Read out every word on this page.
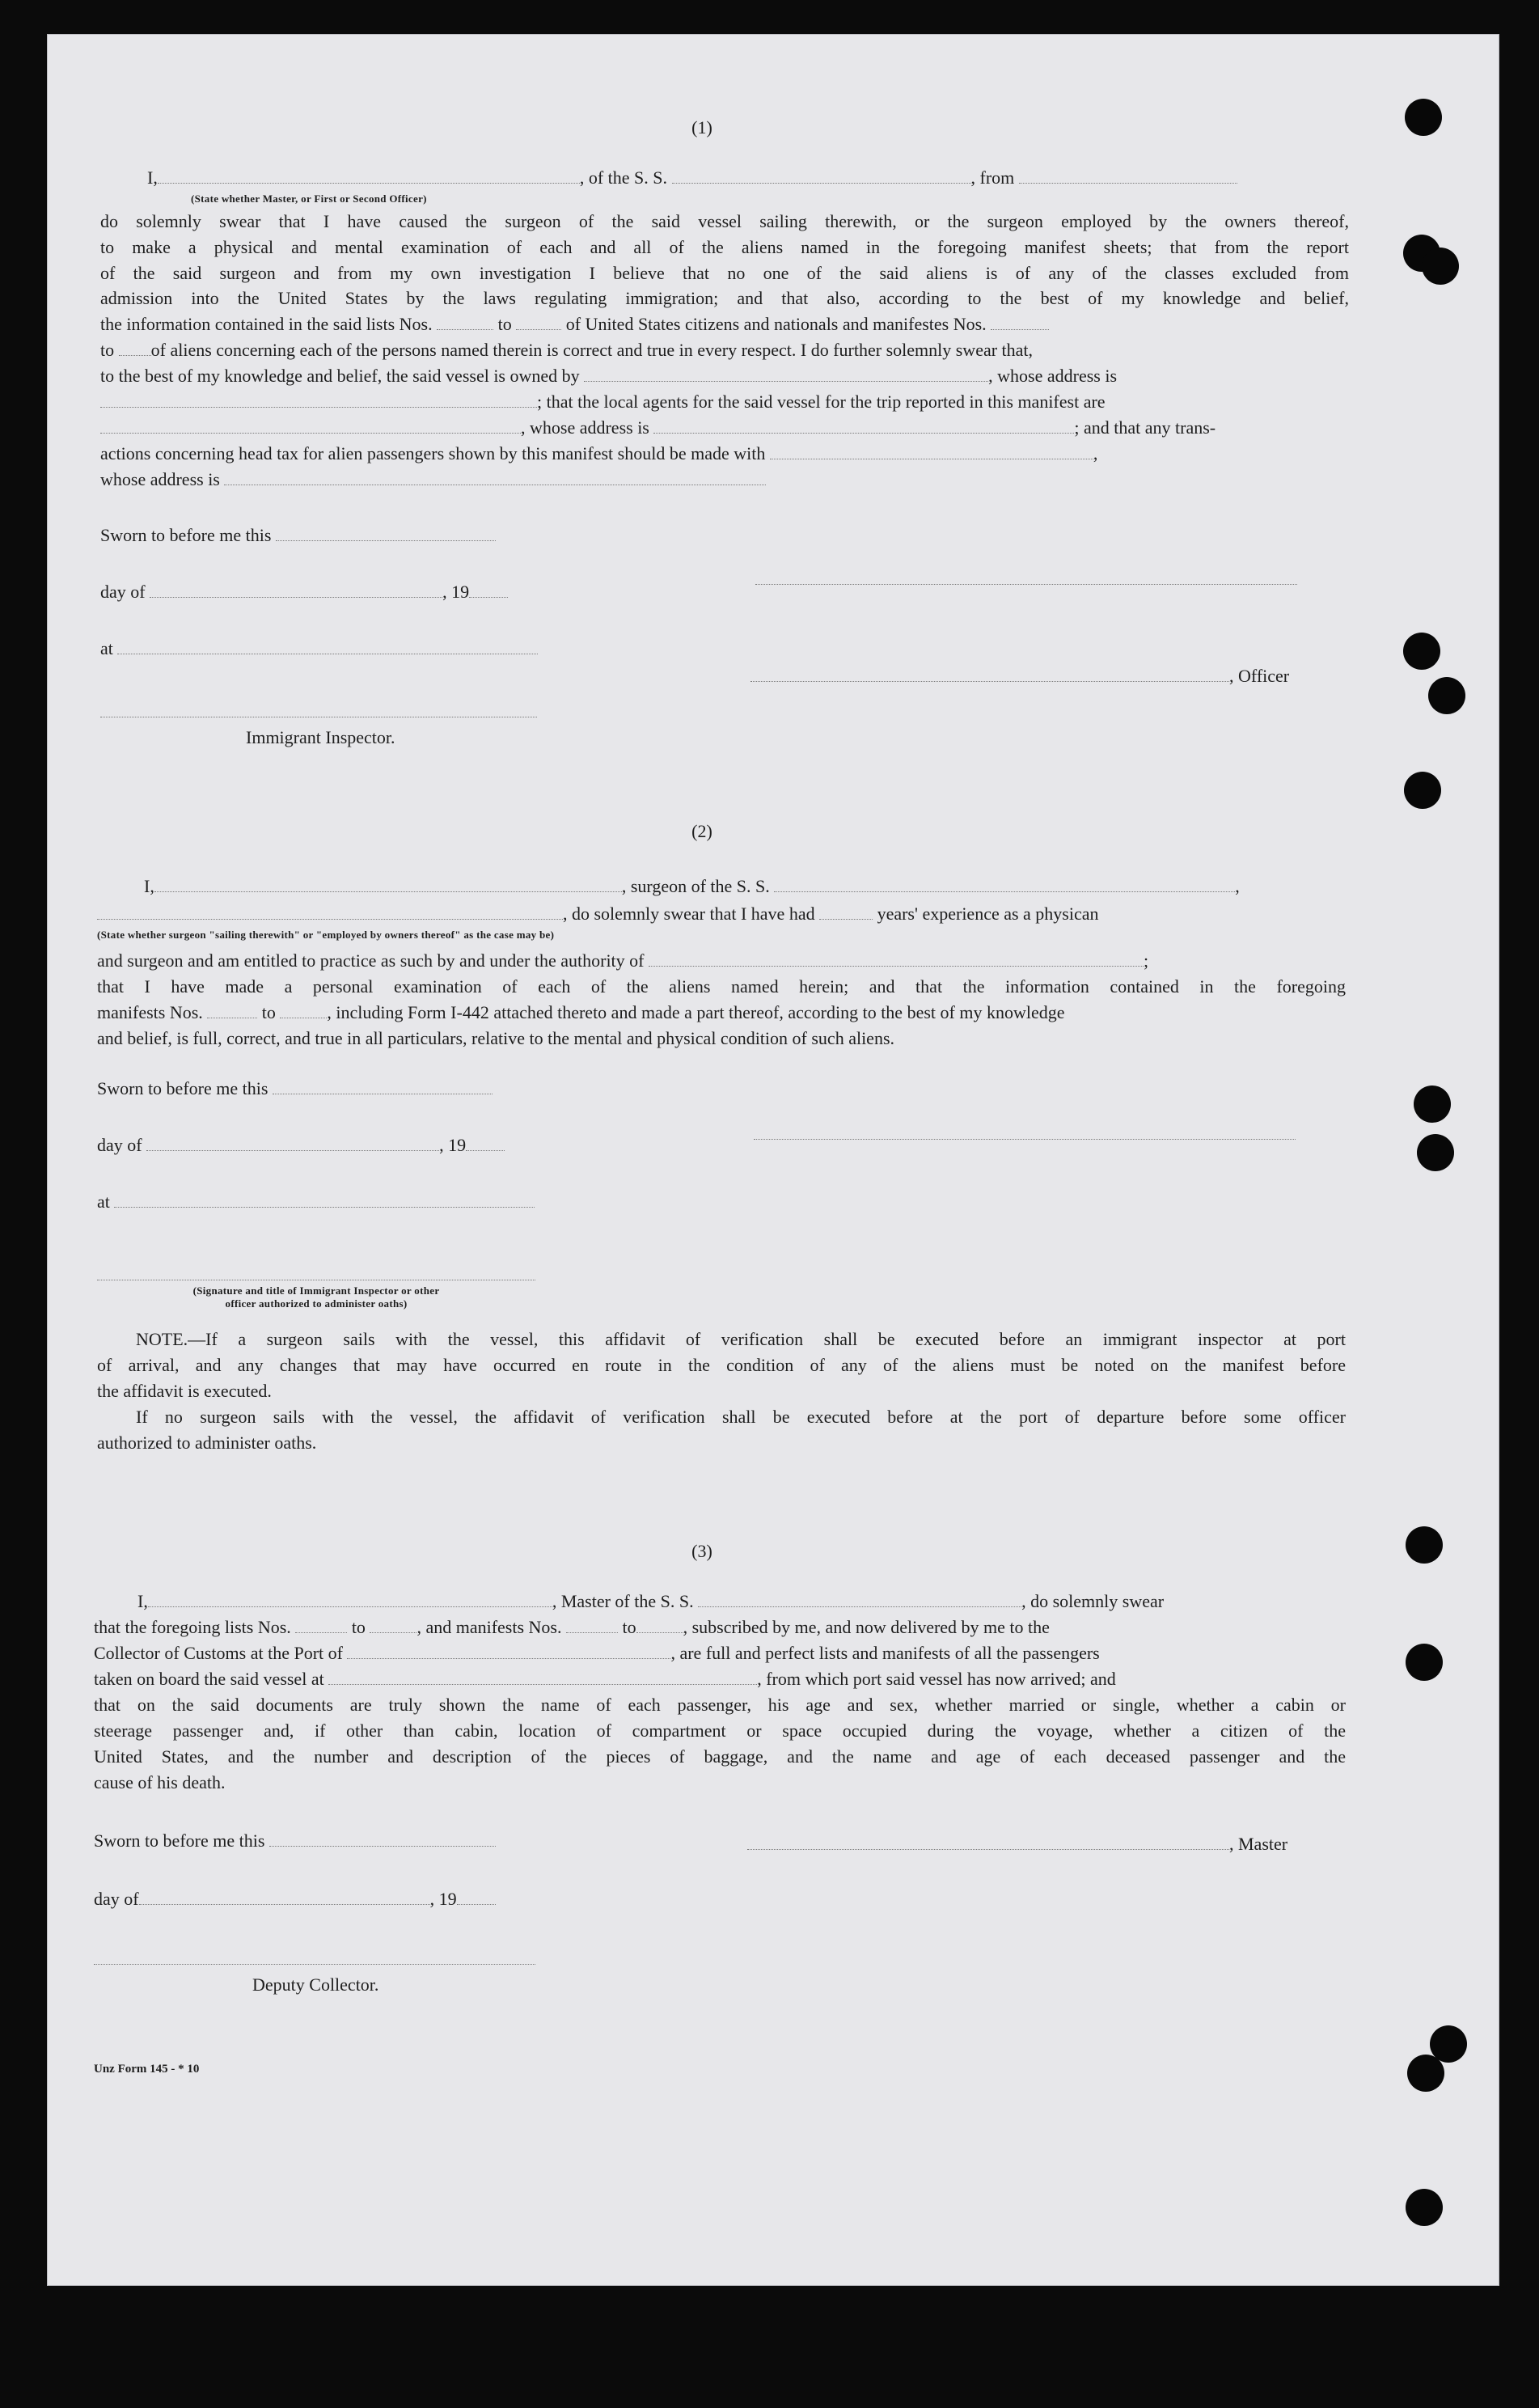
(1)
I,	, of the S. S.	, from
(State whether Master, or First or Second Officer)
do solemnly swear that I have caused the surgeon of the said vessel sailing therewith, or the surgeon employed by the owners thereof,
to make a physical and mental examination of each and all of the aliens named in the foregoing manifest sheets; that from the report
of the said surgeon and from my own investigation I believe that no one of the said aliens is of any of the classes excluded from
admission into the United States by the laws regulating immigration; and that also, according to the best of my knowledge and belief,
the information contained in the said lists Nos.	to	of United States citizens and nationals and manifestes Nos.
to of aliens concerning each of the persons named therein is correct and true in every respect. I do further solemnly swear that,
to the best of my knowledge and belief, the said vessel is owned by	, whose address is
; that the local agents for the said vessel for the trip reported in this manifest are
, whose address is	; and that any trans-
actions concerning head tax for alien passengers shown by this manifest should be made with	,
whose address is
Sworn to before me this
day of	, 19
at
, Officer
Immigrant Inspector.
(2)
I,	, surgeon of the S. S.	,
, do solemnly swear that I have had	years' experience as a physican
(State whether surgeon "sailing therewith" or "employed by owners thereof" as the case may be)
and surgeon and am entitled to practice as such by and under the authority of	;
that I have made a personal examination of each of the aliens named herein; and that the information contained in the foregoing
manifests Nos.	to	, including Form I-442 attached thereto and made a part thereof, according to the best of my knowledge
and belief, is full, correct, and true in all particulars, relative to the mental and physical condition of such aliens.
Sworn to before me this
day of	, 19
at
(Signature and title of Immigrant Inspector or other
officer authorized to administer oaths)
NOTE.—If a surgeon sails with the vessel, this affidavit of verification shall be executed before an immigrant inspector at port
of arrival, and any changes that may have occurred en route in the condition of any of the aliens must be noted on the manifest before
the affidavit is executed.
If no surgeon sails with the vessel, the affidavit of verification shall be executed before at the port of departure before some officer
authorized to administer oaths.
(3)
I,	, Master of the S. S.	, do solemnly swear
that the foregoing lists Nos.	to	, and manifests Nos.	to	, subscribed by me, and now delivered by me to the
Collector of Customs at the Port of	, are full and perfect lists and manifests of all the passengers
taken on board the said vessel at	, from which port said vessel has now arrived; and
that on the said documents are truly shown the name of each passenger, his age and sex, whether married or single, whether a cabin or
steerage passenger and, if other than cabin, location of compartment or space occupied during the voyage, whether a citizen of the
United States, and the number and description of the pieces of baggage, and the name and age of each deceased passenger and the
cause of his death.
Sworn to before me this	, Master
day of	, 19
Deputy Collector.
Unz Form 145 - * 10
